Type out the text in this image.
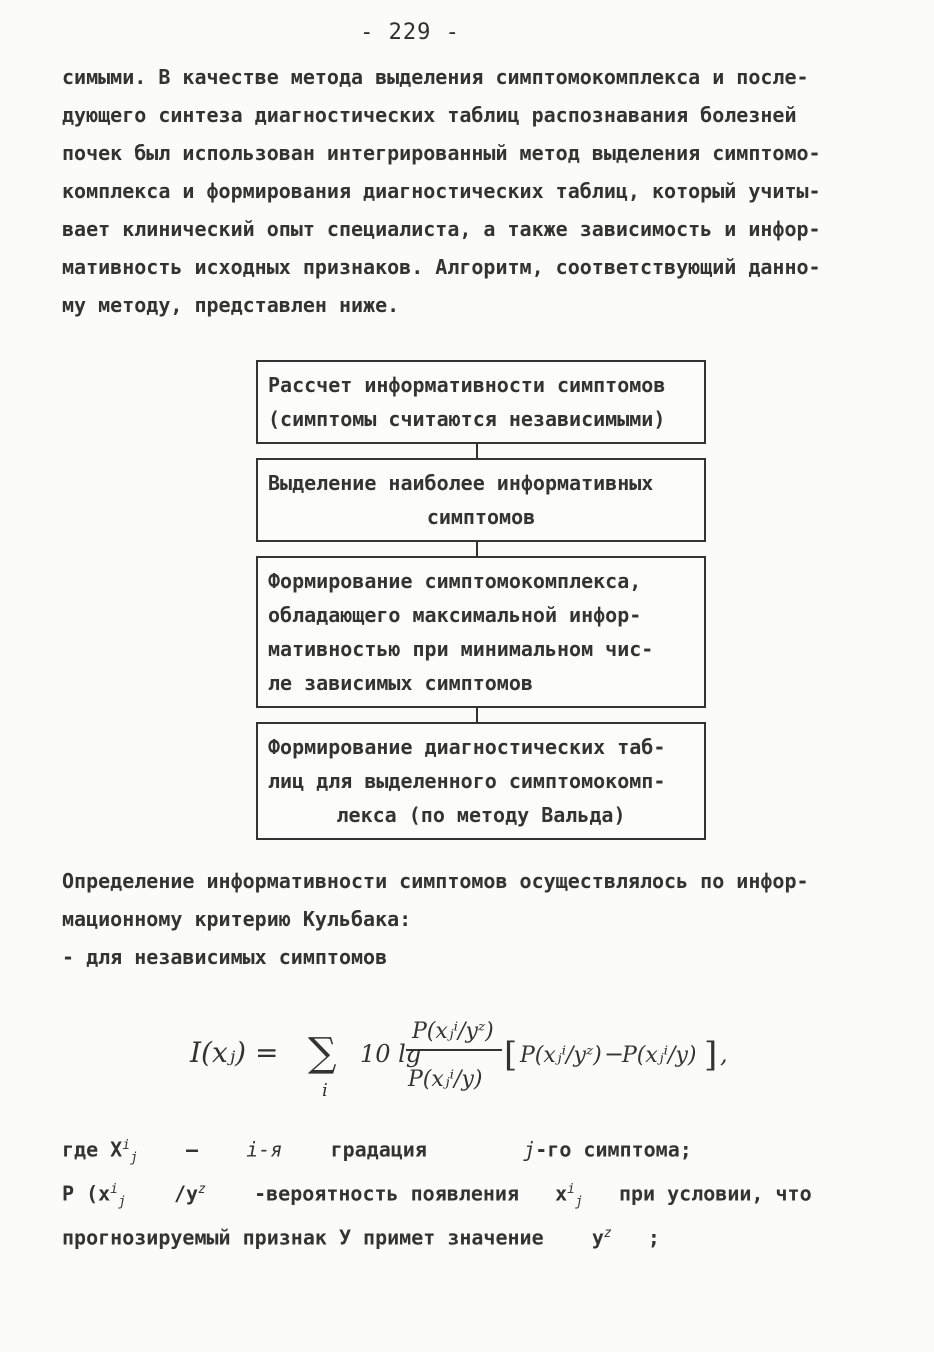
- 229 -
симыми. В качестве метода выделения симптомокомплекса и после-
дующего синтеза диагностических таблиц распознавания болезней
почек был использован интегрированный метод выделения симптомо-
комплекса и формирования диагностических таблиц, который учиты-
вает клинический опыт специалиста, а также зависимость и инфор-
мативность исходных признаков. Алгоритм, соответствующий данно-
му методу, представлен ниже.
Рассчет информативности симптомов
(симптомы считаются независимыми)
Выделение наиболее информативных
симптомов
Формирование симптомокомплекса,
обладающего максимальной инфор-
мативностью при минимальном чис-
ле зависимых симптомов
Формирование диагностических таб-
лиц для выделенного симптомокомп-
лекса (по методу Вальда)
Определение информативности симптомов осуществлялось по инфор-
мационному критерию Кульбака:
- для независимых симптомов
I(xⱼ) = ∑
i
10 lg
P(xⱼⁱ/yᶻ)
P(xⱼⁱ/y)
[ P(xⱼⁱ/yᶻ) −
P(xⱼⁱ/y) ] ,
где $X^i_j - i-я$ градация	j-го симптома;
P ($x^i_j$ $/y^z$ -вероятность появления $x^i_j$ при условии, что
прогнозируемый признак У примет значение $y^z$ ;
